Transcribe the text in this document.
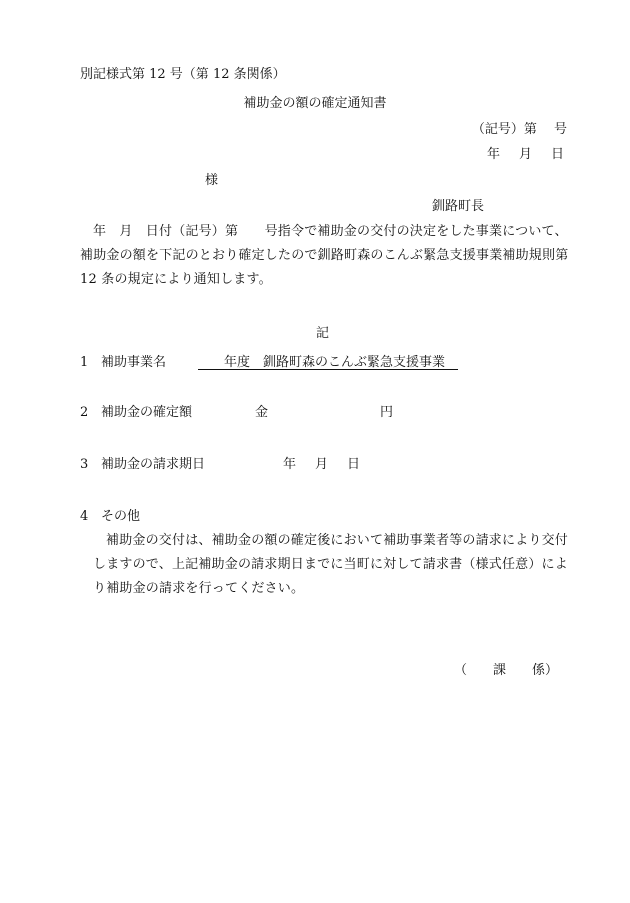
別記様式第 12 号（第 12 条関係）
補助金の額の確定通知書
（記号）第　 号
年　月　日
様
釧路町長
年　月　日付（記号）第　　号指令で補助金の交付の決定をした事業について、補助金の額を下記のとおり確定したので釧路町森のこんぶ緊急支援事業補助規則第 12 条の規定により通知します。
記
1 補助事業名 　　年度　釧路町森のこんぶ緊急支援事業　
2 補助金の確定額	金	円
3 補助金の請求期日	年　月　日
4 その他
補助金の交付は、補助金の額の確定後において補助事業者等の請求により交付しますので、上記補助金の請求期日までに当町に対して請求書（様式任意）により補助金の請求を行ってください。
（　　課　　係）
